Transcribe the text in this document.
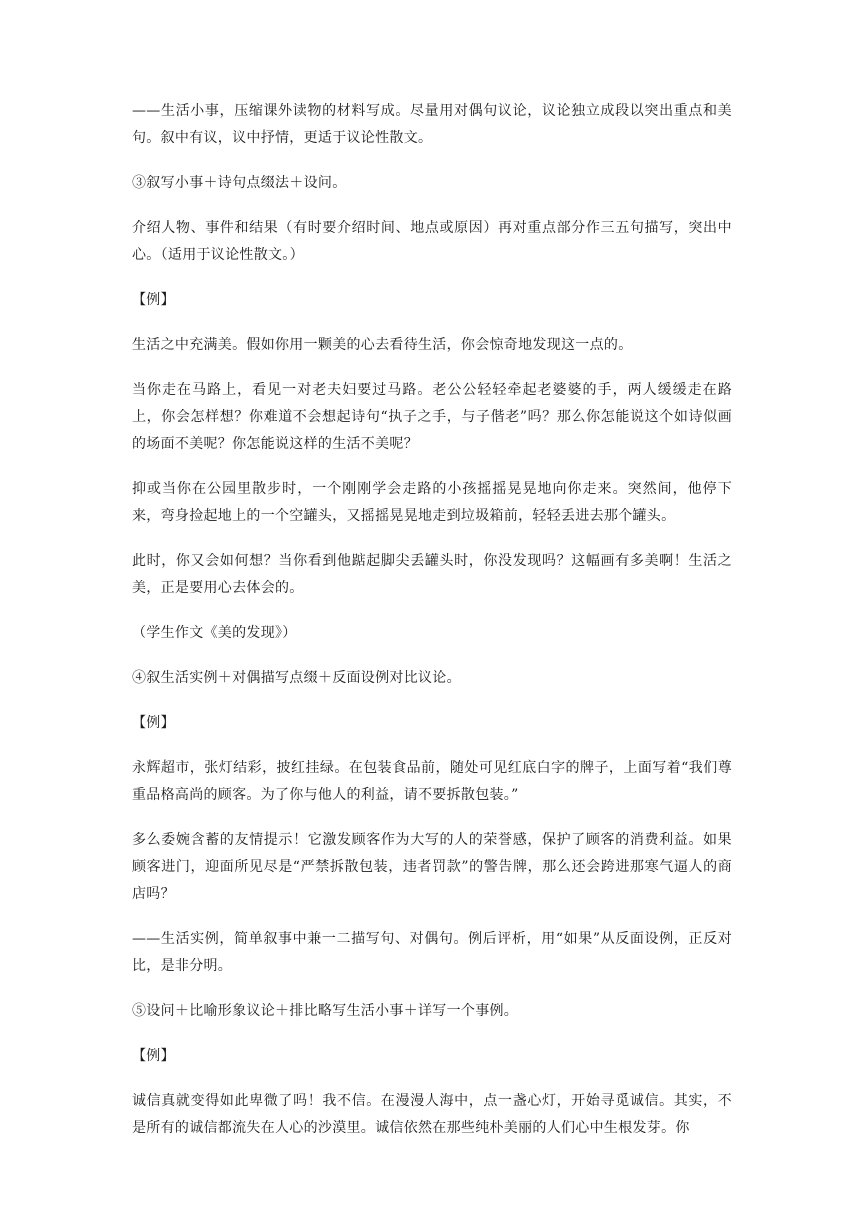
——生活小事，压缩课外读物的材料写成。尽量用对偶句议论，议论独立成段以突出重点和美句。叙中有议，议中抒情，更适于议论性散文。

③叙写小事＋诗句点缀法＋设问。

介绍人物、事件和结果（有时要介绍时间、地点或原因）再对重点部分作三五句描写，突出中心。（适用于议论性散文。）

【例】

生活之中充满美。假如你用一颗美的心去看待生活，你会惊奇地发现这一点的。

当你走在马路上，看见一对老夫妇要过马路。老公公轻轻牵起老婆婆的手，两人缓缓走在路上，你会怎样想？你难道不会想起诗句“执子之手，与子偕老”吗？那么你怎能说这个如诗似画的场面不美呢？你怎能说这样的生活不美呢？

抑或当你在公园里散步时，一个刚刚学会走路的小孩摇摇晃晃地向你走来。突然间，他停下来，弯身捡起地上的一个空罐头，又摇摇晃晃地走到垃圾箱前，轻轻丢进去那个罐头。

此时，你又会如何想？当你看到他踮起脚尖丢罐头时，你没发现吗？这幅画有多美啊！生活之美，正是要用心去体会的。

（学生作文《美的发现》）

④叙生活实例＋对偶描写点缀＋反面设例对比议论。

【例】

永辉超市，张灯结彩，披红挂绿。在包装食品前，随处可见红底白字的牌子，上面写着“我们尊重品格高尚的顾客。为了你与他人的利益，请不要拆散包装。”

多么委婉含蓄的友情提示！它激发顾客作为大写的人的荣誉感，保护了顾客的消费利益。如果顾客进门，迎面所见尽是“严禁拆散包装，违者罚款”的警告牌，那么还会跨进那寒气逼人的商店吗？

——生活实例，简单叙事中兼一二描写句、对偶句。例后评析，用“如果”从反面设例，正反对比，是非分明。

⑤设问＋比喻形象议论＋排比略写生活小事＋详写一个事例。

【例】

诚信真就变得如此卑微了吗！我不信。在漫漫人海中，点一盏心灯，开始寻觅诚信。其实，不是所有的诚信都流失在人心的沙漠里。诚信依然在那些纯朴美丽的人们心中生根发芽。你
